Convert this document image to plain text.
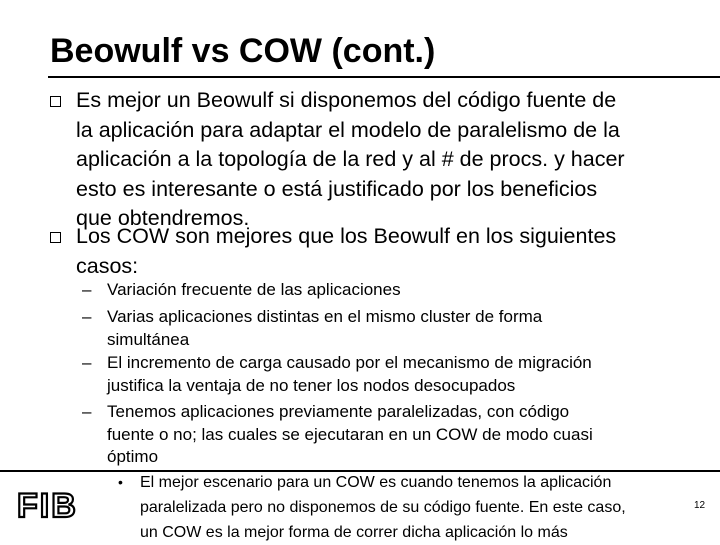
Beowulf vs COW (cont.)
Es mejor un Beowulf si disponemos del código fuente de
la aplicación para adaptar el modelo de paralelismo de la
aplicación a la topología de la red y al # de procs. y hacer
esto es interesante o está justificado por los beneficios
que obtendremos.
Los COW son mejores que los Beowulf en los siguientes
casos:
– Variación frecuente de las aplicaciones
– Varias aplicaciones distintas en el mismo cluster de forma
simultánea
– El incremento de carga causado por el mecanismo de migración
justifica la ventaja de no tener los nodos desocupados
– Tenemos aplicaciones previamente paralelizadas, con código
fuente o no; las cuales se ejecutaran en un COW de modo cuasi
óptimo
• El mejor escenario para un COW es cuando tenemos la aplicación
paralelizada pero no disponemos de su código fuente. En este caso,
un COW es la mejor forma de correr dicha aplicación lo más
FIB	12
